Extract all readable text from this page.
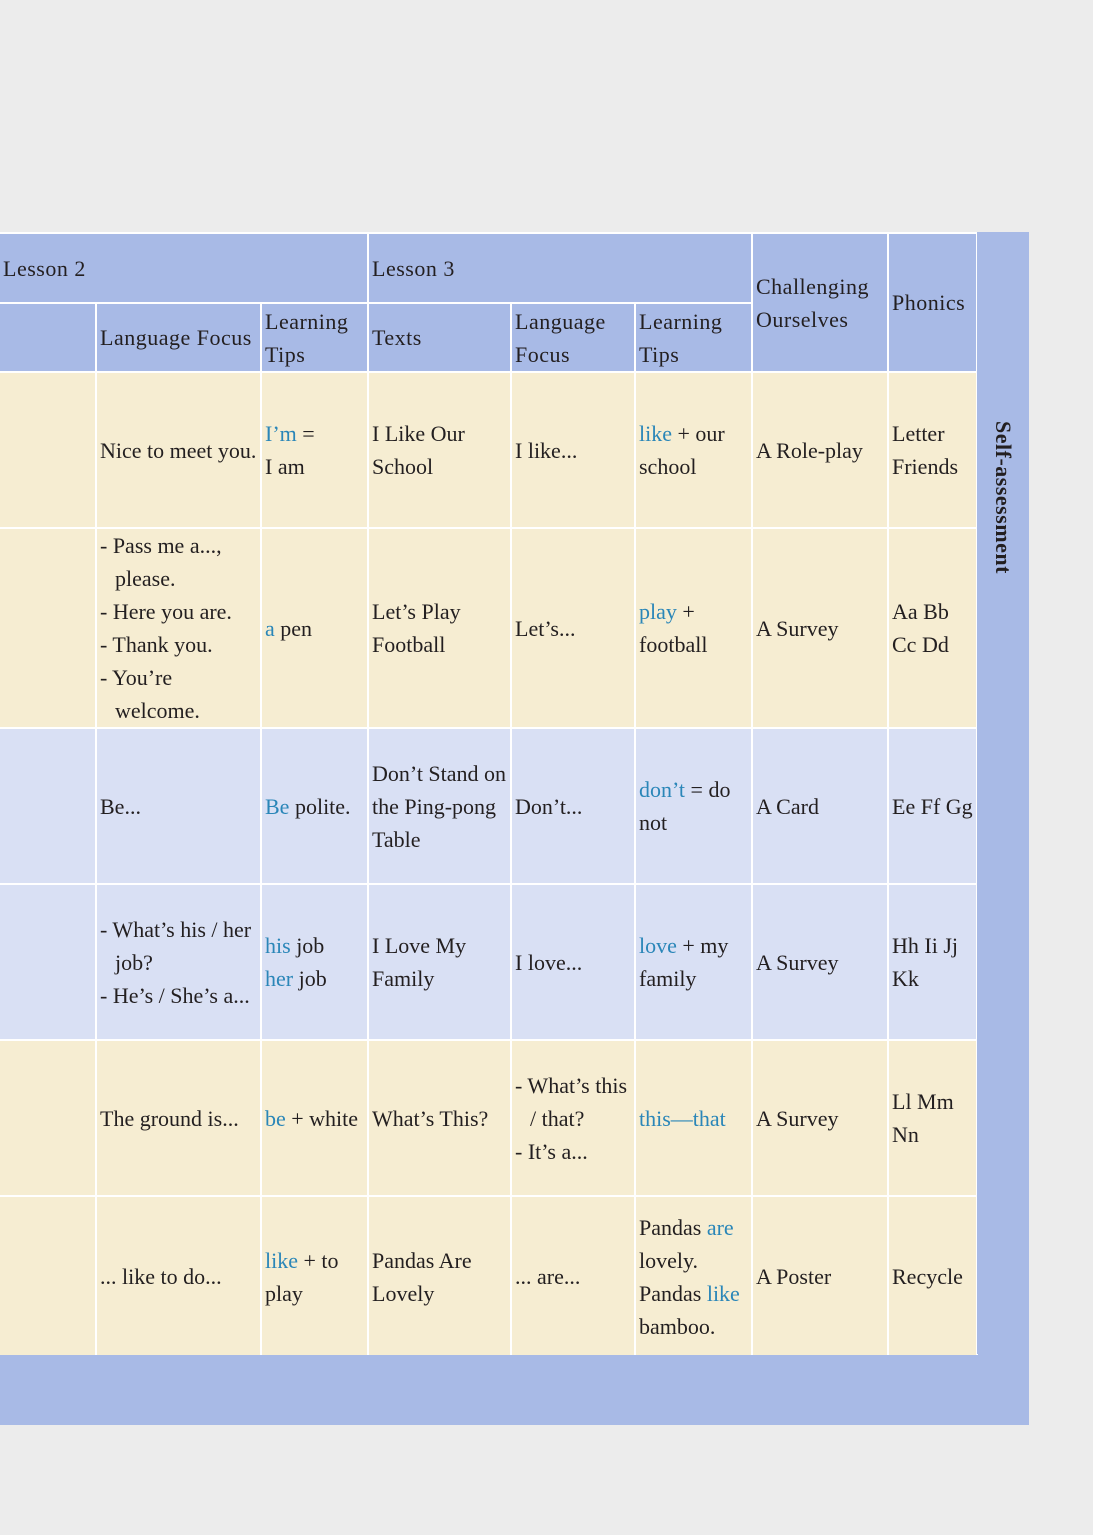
Lesson 2			Lesson 3			Challenging Ourselves	Phonics
	Language Focus	Learning Tips	Texts	Language Focus	Learning Tips		
	Nice to meet you.	I’m =
I am	I Like Our School	I like...	like + our school	A Role-play	Letter Friends

	- Pass me a..., please.
- Here you are.
- Thank you.
- You’re welcome.	a pen	Let’s Play Football	Let’s...	play + football	A Survey	Aa Bb Cc Dd
	Be...	Be polite.	Don’t Stand on the Ping-pong Table	Don’t...	don’t = do not	A Card	Ee Ff Gg

	- What’s his / her job?
- He’s / She’s a...	his job
her job	I Love My Family	I love...	love + my family	A Survey	Hh Ii Jj Kk
	The ground is...	be + white	What’s This?	- What’s this / that?
- It’s a...	this—that	A Survey	Ll Mm Nn
	... like to do...	like + to play	Pandas Are Lovely	... are...	Pandas are lovely.
Pandas like bamboo.	A Poster	Recycle
Self-assessment
